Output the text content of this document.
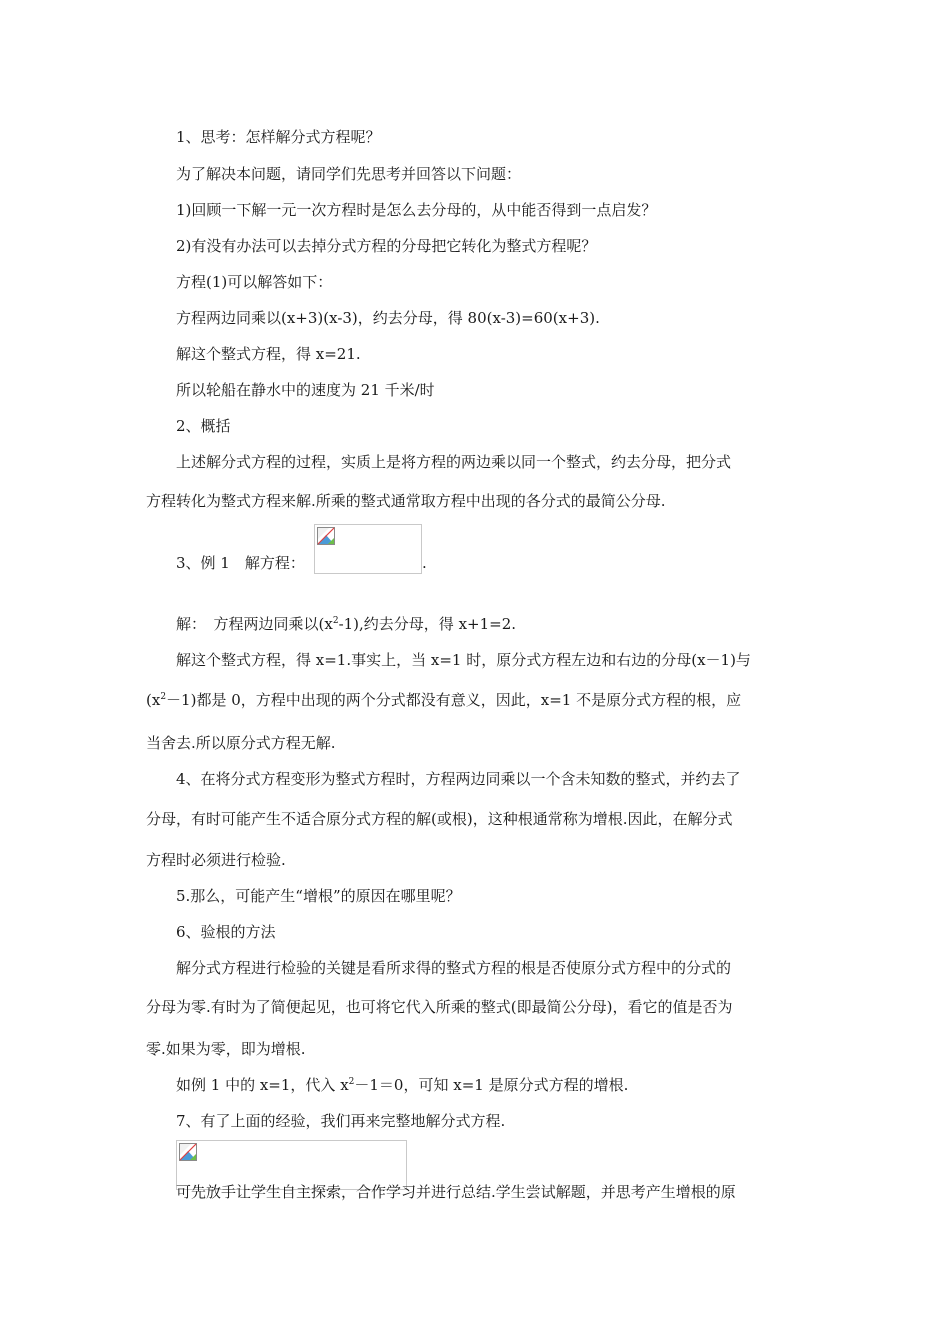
1、思考：怎样解分式方程呢？
为了解决本问题，请同学们先思考并回答以下问题：
1)回顾一下解一元一次方程时是怎么去分母的，从中能否得到一点启发？
2)有没有办法可以去掉分式方程的分母把它转化为整式方程呢？
方程(1)可以解答如下：
方程两边同乘以(x+3)(x-3)，约去分母，得 80(x-3)=60(x+3).
解这个整式方程，得 x=21.
所以轮船在静水中的速度为 21 千米/时
2、概括
上述解分式方程的过程，实质上是将方程的两边乘以同一个整式，约去分母，把分式
方程转化为整式方程来解.所乘的整式通常取方程中出现的各分式的最简公分母.
3、例 1　解方程：	.
解：　方程两边同乘以$(x^2-1)$,约去分母，得 x+1=2.
解这个整式方程，得 x=1.事实上，当 x=1 时，原分式方程左边和右边的分母(x－1)与
$(x^2-1)$都是 0，方程中出现的两个分式都没有意义，因此，x=1 不是原分式方程的根，应
当舍去.所以原分式方程无解.
4、在将分式方程变形为整式方程时，方程两边同乘以一个含未知数的整式，并约去了
分母，有时可能产生不适合原分式方程的解(或根)，这种根通常称为增根.因此，在解分式
方程时必须进行检验.
5.那么，可能产生“增根”的原因在哪里呢？
6、验根的方法
解分式方程进行检验的关键是看所求得的整式方程的根是否使原分式方程中的分式的
分母为零.有时为了简便起见，也可将它代入所乘的整式(即最简公分母)，看它的值是否为
零.如果为零，即为增根.
如例 1 中的 x=1，代入 $x^2-1=0$，可知 x=1 是原分式方程的增根.
7、有了上面的经验，我们再来完整地解分式方程.
可先放手让学生自主探索，合作学习并进行总结.学生尝试解题，并思考产生增根的原
